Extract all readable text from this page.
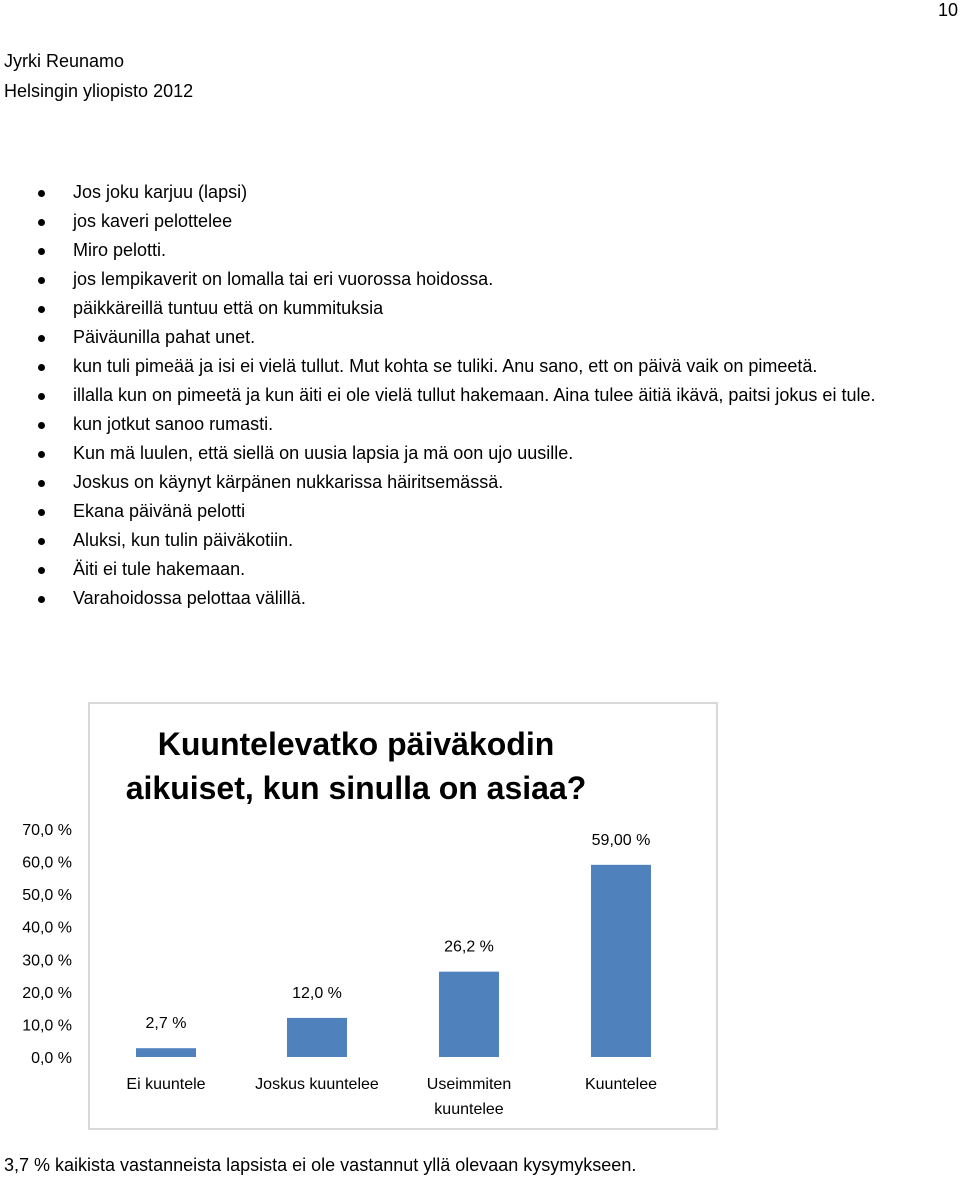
10
Jyrki Reunamo
Helsingin yliopisto 2012
Jos joku karjuu (lapsi)
jos kaveri pelottelee
Miro pelotti.
jos lempikaverit on lomalla tai eri vuorossa hoidossa.
päikkäreillä tuntuu että on kummituksia
Päiväunilla pahat unet.
kun tuli pimeää ja isi ei vielä tullut. Mut kohta se tuliki. Anu sano, ett on päivä vaik on pimeetä.
illalla kun on pimeetä ja kun äiti ei ole vielä tullut hakemaan. Aina tulee äitiä ikävä, paitsi jokus ei tule.
kun jotkut sanoo rumasti.
Kun mä luulen, että siellä on uusia lapsia ja mä oon ujo uusille.
Joskus on käynyt kärpänen nukkarissa häiritsemässä.
Ekana päivänä pelotti
Aluksi, kun tulin päiväkotiin.
Äiti ei tule hakemaan.
Varahoidossa pelottaa välillä.
Kuuntelevatko päiväkodin aikuiset, kun sinulla on asiaa?
0,0 %
10,0 %
20,0 %
30,0 %
40,0 %
50,0 %
60,0 %
70,0 %
2,7 %
Ei kuuntele
12,0 %
Joskus kuuntelee
26,2 %
Useimmiten kuuntelee
59,00 %
Kuuntelee
3,7 % kaikista vastanneista lapsista ei ole vastannut yllä olevaan kysymykseen.
